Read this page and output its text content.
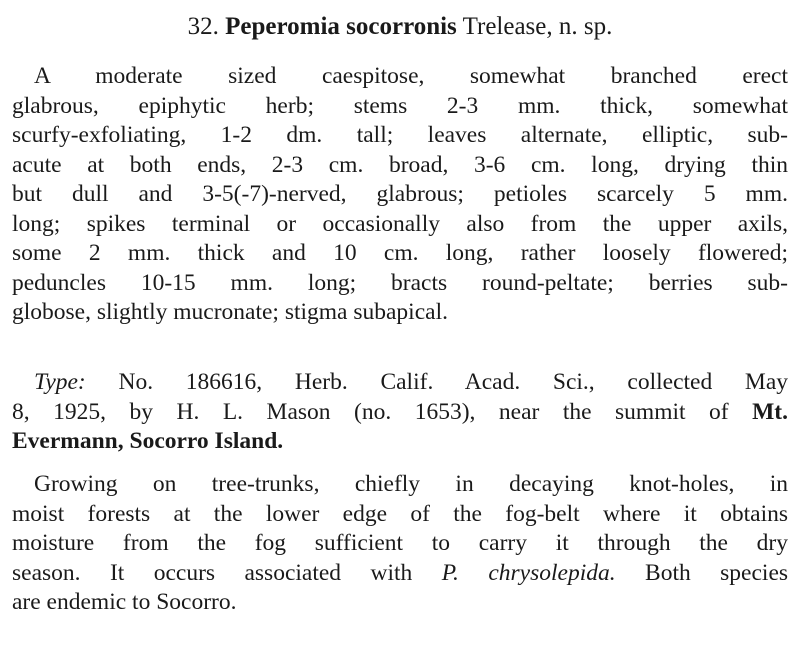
32. Peperomia socorronis Trelease, n. sp.
A moderate sized caespitose, somewhat branched erect
glabrous, epiphytic herb; stems 2-3 mm. thick, somewhat
scurfy-exfoliating, 1-2 dm. tall; leaves alternate, elliptic, sub-
acute at both ends, 2-3 cm. broad, 3-6 cm. long, drying thin
but dull and 3-5(-7)-nerved, glabrous; petioles scarcely 5 mm.
long; spikes terminal or occasionally also from the upper axils,
some 2 mm. thick and 10 cm. long, rather loosely flowered;
peduncles 10-15 mm. long; bracts round-peltate; berries sub-
globose, slightly mucronate; stigma subapical.
Type: No. 186616, Herb. Calif. Acad. Sci., collected May
8, 1925, by H. L. Mason (no. 1653), near the summit of Mt.
Evermann, Socorro Island.
Growing on tree-trunks, chiefly in decaying knot-holes, in
moist forests at the lower edge of the fog-belt where it obtains
moisture from the fog sufficient to carry it through the dry
season. It occurs associated with P. chrysolepida. Both species
are endemic to Socorro.
